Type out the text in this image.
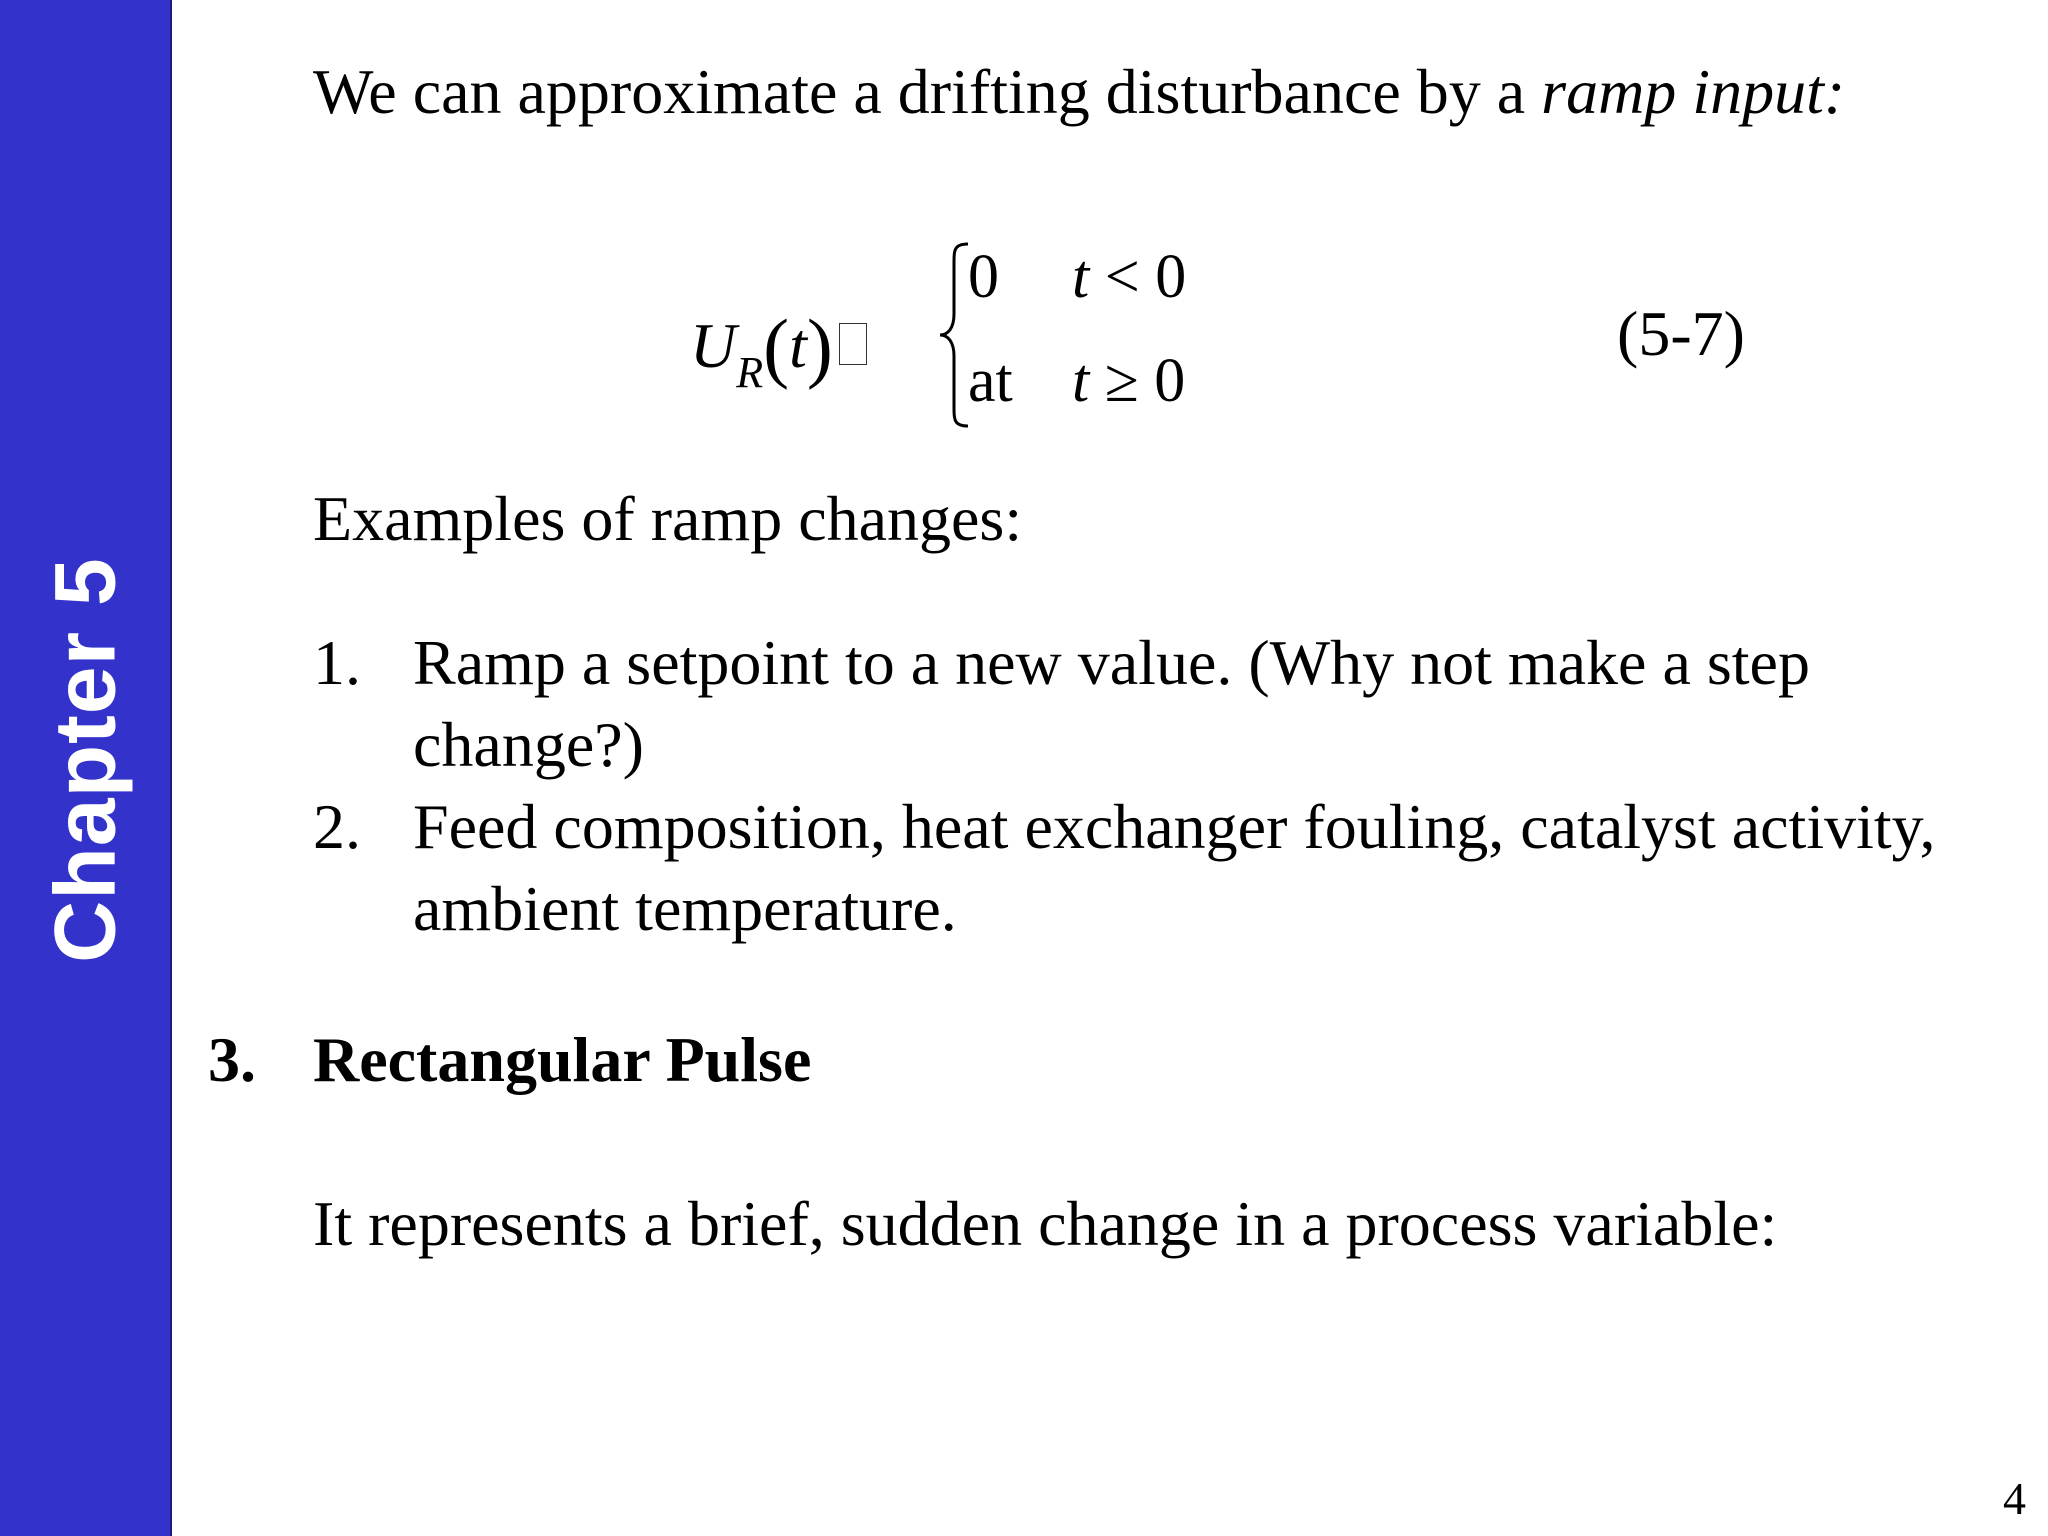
Chapter 5
We can approximate a drifting disturbance by a ramp input:
$U_R(t)$
0 t < 0
at t ≥ 0
(5-7)
Examples of ramp changes:
1. Ramp a setpoint to a new value. (Why not make a step change?)
2. Feed composition, heat exchanger fouling, catalyst activity, ambient temperature.
3. Rectangular Pulse
It represents a brief, sudden change in a process variable:
4
